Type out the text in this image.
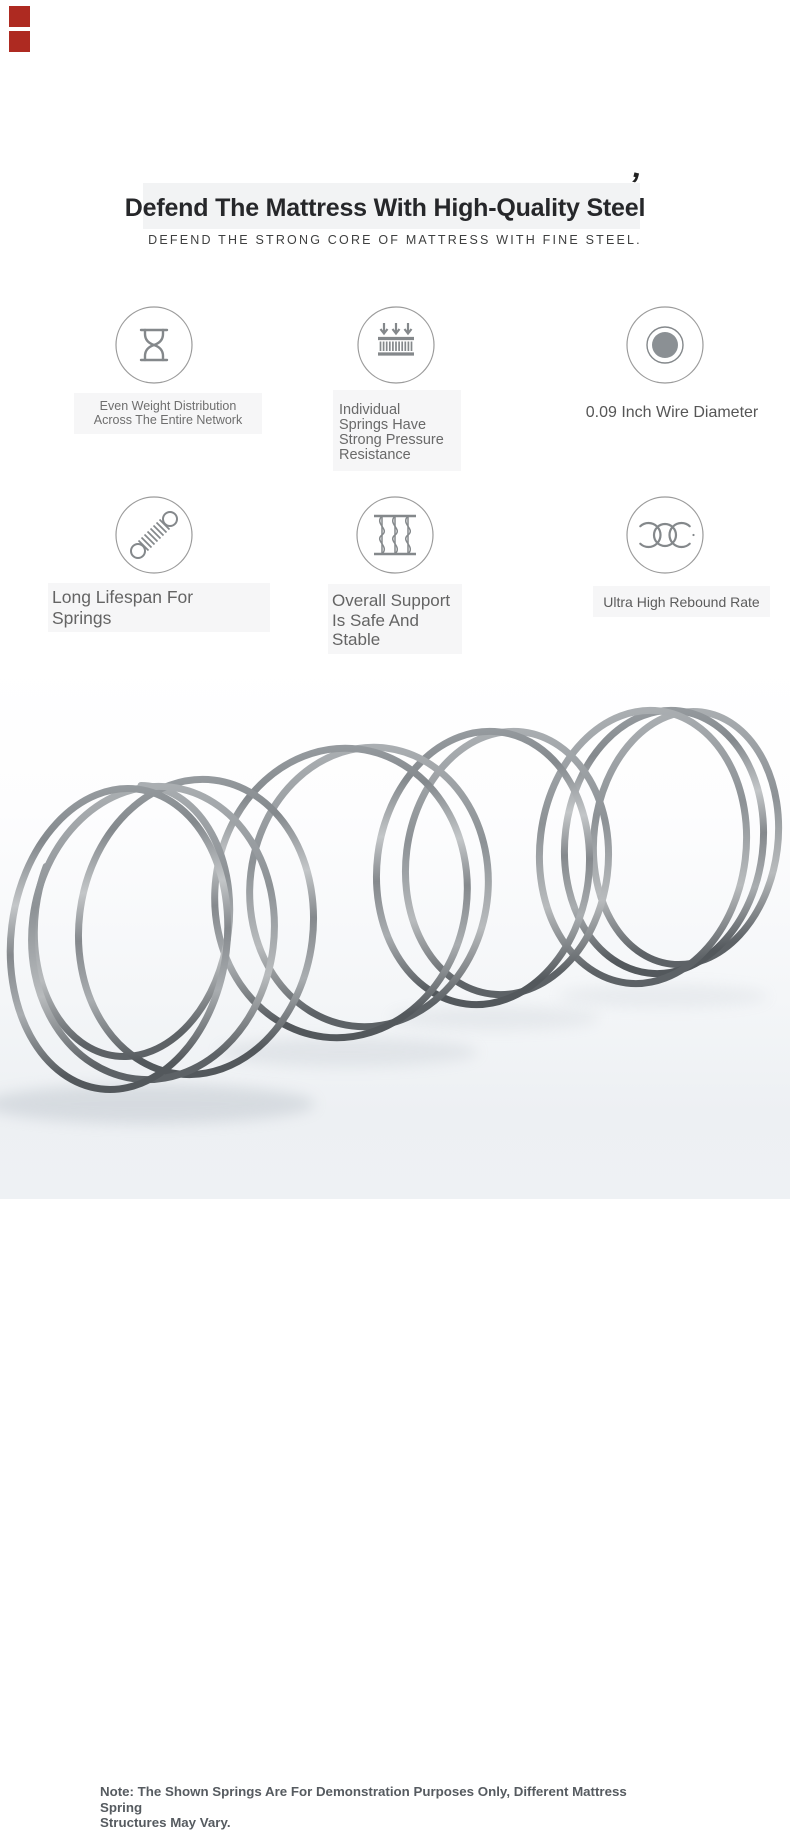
Defend The Mattress With High-Quality Steel
’

DEFEND THE STRONG CORE OF MATTRESS WITH FINE STEEL.

Even Weight Distribution
Across The Entire Network
Individual
Springs Have
Strong Pressure
Resistance
0.09 Inch Wire Diameter
Long Lifespan For
Springs
Overall Support
Is Safe And
Stable
Ultra High Rebound Rate
Note: The Shown Springs Are For Demonstration Purposes Only, Different Mattress Spring
Structures May Vary.
